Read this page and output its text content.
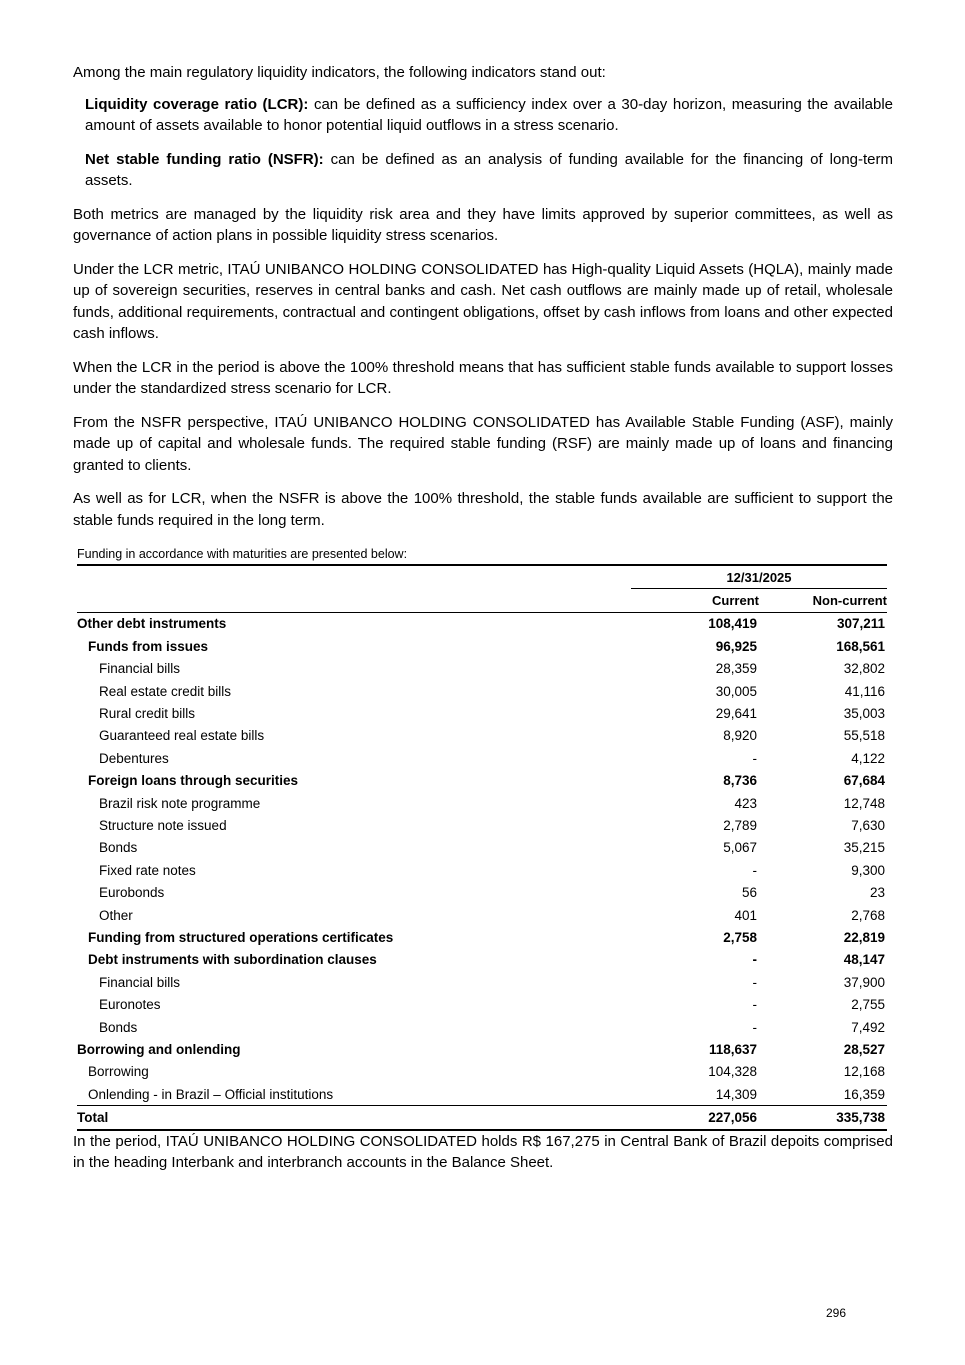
Among the main regulatory liquidity indicators, the following indicators stand out:

Liquidity coverage ratio (LCR): can be defined as a sufficiency index over a 30-day horizon, measuring the available amount of assets available to honor potential liquid outflows in a stress scenario.

Net stable funding ratio (NSFR): can be defined as an analysis of funding available for the financing of long-term assets.

Both metrics are managed by the liquidity risk area and they have limits approved by superior committees, as well as governance of action plans in possible liquidity stress scenarios.

Under the LCR metric, ITAÚ UNIBANCO HOLDING CONSOLIDATED has High-quality Liquid Assets (HQLA), mainly made up of sovereign securities, reserves in central banks and cash. Net cash outflows are mainly made up of retail, wholesale funds, additional requirements, contractual and contingent obligations, offset by cash inflows from loans and other expected cash inflows.

When the LCR in the period is above the 100% threshold means that has sufficient stable funds available to support losses under the standardized stress scenario for LCR.

From the NSFR perspective, ITAÚ UNIBANCO HOLDING CONSOLIDATED has Available Stable Funding (ASF), mainly made up of capital and wholesale funds. The required stable funding (RSF) are mainly made up of loans and financing granted to clients.

As well as for LCR, when the NSFR is above the 100% threshold, the stable funds available are sufficient to support the stable funds required in the long term.

Funding in accordance with maturities are presented below:
	12/31/2025	
	Current	Non-current
Other debt instruments	108,419	307,211
Funds from issues	96,925	168,561
Financial bills	28,359	32,802
Real estate credit bills	30,005	41,116
Rural credit bills	29,641	35,003
Guaranteed real estate bills	8,920	55,518
Debentures	-	4,122
Foreign loans through securities	8,736	67,684
Brazil risk note programme	423	12,748
Structure note issued	2,789	7,630
Bonds	5,067	35,215
Fixed rate notes	-	9,300
Eurobonds	56	23
Other	401	2,768
Funding from structured operations certificates	2,758	22,819
Debt instruments with subordination clauses	-	48,147
Financial bills	-	37,900
Euronotes	-	2,755
Bonds	-	7,492
Borrowing and onlending	118,637	28,527
Borrowing	104,328	12,168
Onlending - in Brazil – Official institutions	14,309	16,359
Total	227,056	335,738

In the period, ITAÚ UNIBANCO HOLDING CONSOLIDATED holds R$ 167,275 in Central Bank of Brazil depoits comprised in the heading Interbank and interbranch accounts in the Balance Sheet.

296
